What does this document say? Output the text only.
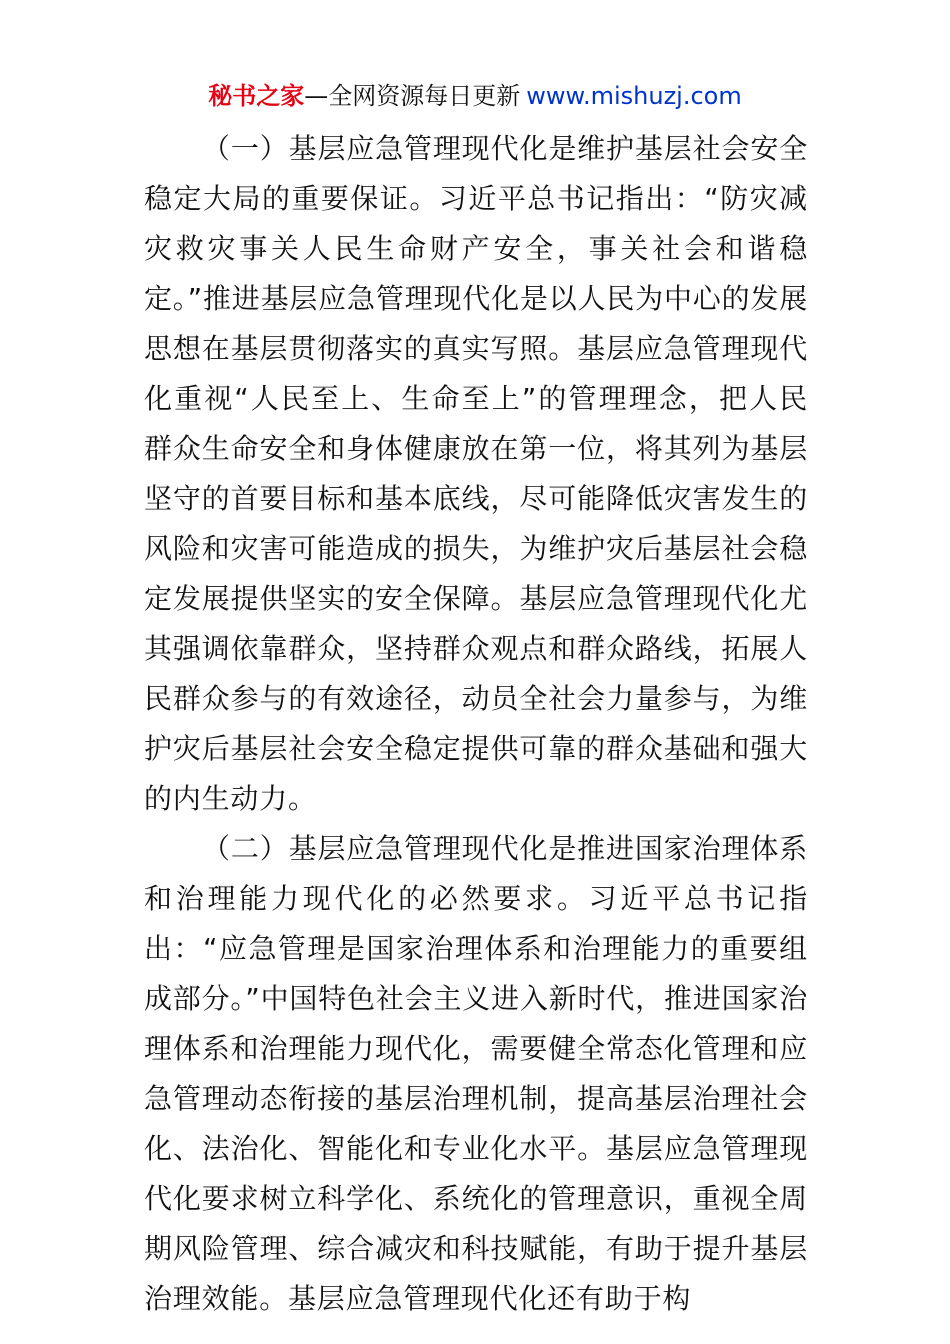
秘书之家—全网资源每日更新 www.mishuzj.com

（一）基层应急管理现代化是维护基层社会安全稳定大局的重要保证。习近平总书记指出：“防灾减灾救灾事关人民生命财产安全，事关社会和谐稳定。”推进基层应急管理现代化是以人民为中心的发展思想在基层贯彻落实的真实写照。基层应急管理现代化重视“人民至上、生命至上”的管理理念，把人民群众生命安全和身体健康放在第一位，将其列为基层坚守的首要目标和基本底线，尽可能降低灾害发生的风险和灾害可能造成的损失，为维护灾后基层社会稳定发展提供坚实的安全保障。基层应急管理现代化尤其强调依靠群众，坚持群众观点和群众路线，拓展人民群众参与的有效途径，动员全社会力量参与，为维护灾后基层社会安全稳定提供可靠的群众基础和强大的内生动力。

（二）基层应急管理现代化是推进国家治理体系和治理能力现代化的必然要求。习近平总书记指出：“应急管理是国家治理体系和治理能力的重要组成部分。”中国特色社会主义进入新时代，推进国家治理体系和治理能力现代化，需要健全常态化管理和应急管理动态衔接的基层治理机制，提高基层治理社会化、法治化、智能化和专业化水平。基层应急管理现代化要求树立科学化、系统化的管理意识，重视全周期风险管理、综合减灾和科技赋能，有助于提升基层治理效能。基层应急管理现代化还有助于构
